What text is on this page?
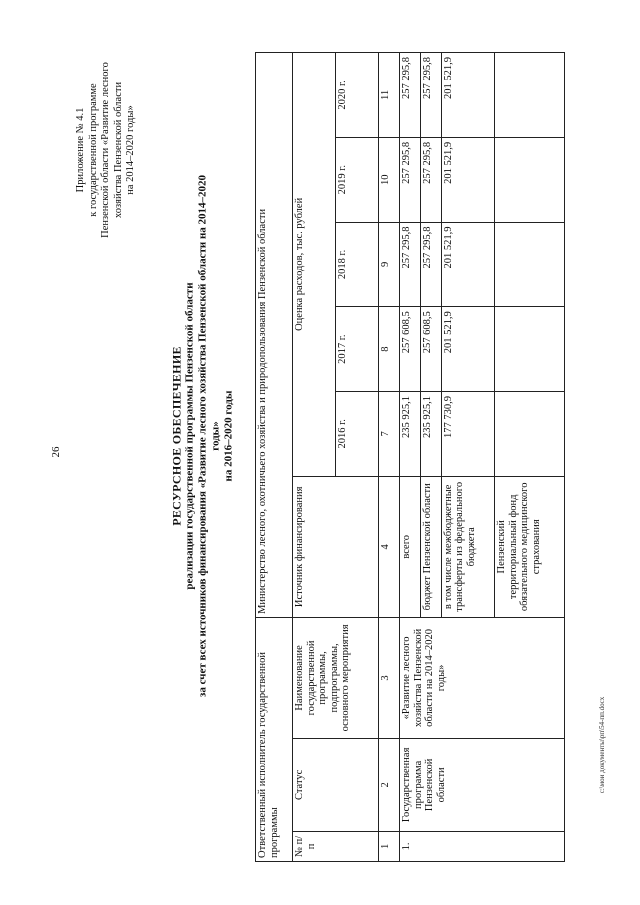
26
Приложение № 4.1 к государственной программе Пензенской области «Развитие лесного хозяйства Пензенской области на 2014–2020 годы»
РЕСУРСНОЕ ОБЕСПЕЧЕНИЕ реализации государственной программы Пензенской области за счет всех источников финансирования «Развитие лесного хозяйства Пензенской области на 2014–2020 годы» на 2016–2020 годы
Ответственный исполнитель государственной программы			Министерство лесного, охотничьего хозяйства и природопользования Пензенской области					
№ п/п	Статус	Наименование государственной программы, подпрограммы, основного мероприятия	Источник финансирования	Оценка расходов, тыс. рублей				
				2016 г.	2017 г.	2018 г.	2019 г.	2020 г.
1	2	3	4	7	8	9	10	11
1.	Государственная программа Пензенской области	«Развитие лесного хозяйства Пензенской области на 2014–2020 годы»	всего	235 925,1	257 608,5	257 295,8	257 295,8	257 295,8
			бюджет Пензенской области	235 925,1	257 608,5	257 295,8	257 295,8	257 295,8
			в том числе межбюджетные трансферты из федерального бюджета	177 730,9	201 521,9	201 521,9	201 521,9	201 521,9
			Пензенский территориальный фонд обязательного медицинского страхования					
c:\мои документы\рп\54-пп.docx
